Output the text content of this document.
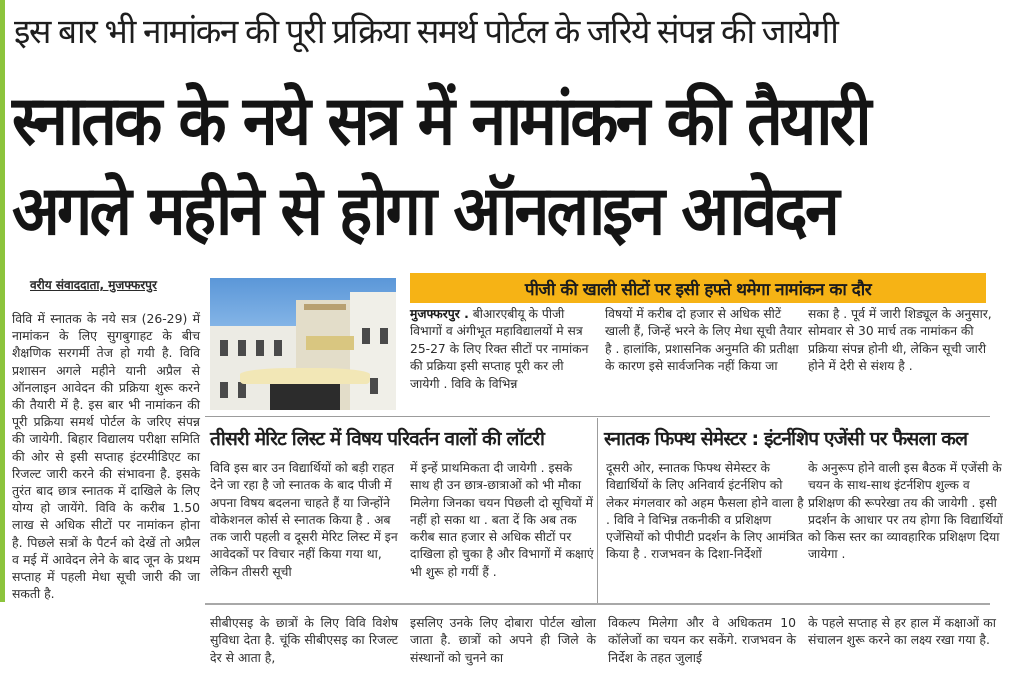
इस बार भी नामांकन की पूरी प्रक्रिया समर्थ पोर्टल के जरिये संपन्न की जायेगी
स्नातक के नये सत्र में नामांकन की तैयारी
अगले महीने से होगा ऑनलाइन आवेदन
वरीय संवाददाता, मुजफ्फरपुर
विवि में स्नातक के नये सत्र (26-29) में नामांकन के लिए सुगबुगाहट के बीच शैक्षणिक सरगर्मी तेज हो गयी है. विवि प्रशासन अगले महीने यानी अप्रैल से ऑनलाइन आवेदन की प्रक्रिया शुरू करने की तैयारी में है. इस बार भी नामांकन की पूरी प्रक्रिया समर्थ पोर्टल के जरिए संपन्न की जायेगी. बिहार विद्यालय परीक्षा समिति की ओर से इसी सप्ताह इंटरमीडिएट का रिजल्ट जारी करने की संभावना है. इसके तुरंत बाद छात्र स्नातक में दाखिले के लिए योग्य हो जायेंगे. विवि के करीब 1.50 लाख से अधिक सीटों पर नामांकन होना है. पिछले सत्रों के पैटर्न को देखें तो अप्रैल व मई में आवेदन लेने के बाद जून के प्रथम सप्ताह में पहली मेधा सूची जारी की जा सकती है.
पीजी की खाली सीटों पर इसी हफ्ते थमेगा नामांकन का दौर
मुजफ्फरपुर . बीआरएबीयू के पीजी विभागों व अंगीभूत महाविद्यालयों मे सत्र 25-27 के लिए रिक्त सीटों पर नामांकन की प्रक्रिया इसी सप्ताह पूरी कर ली जायेगी . विवि के विभिन्न
विषयों में करीब दो हजार से अधिक सीटें खाली हैं, जिन्हें भरने के लिए मेधा सूची तैयार है . हालांकि, प्रशासनिक अनुमति की प्रतीक्षा के कारण इसे सार्वजनिक नहीं किया जा
सका है . पूर्व में जारी शिड्यूल के अनुसार, सोमवार से 30 मार्च तक नामांकन की प्रक्रिया संपन्न होनी थी, लेकिन सूची जारी होने में देरी से संशय है .
तीसरी मेरिट लिस्ट में विषय परिवर्तन वालों की लॉटरी
विवि इस बार उन विद्यार्थियों को बड़ी राहत देने जा रहा है जो स्नातक के बाद पीजी में अपना विषय बदलना चाहते हैं या जिन्होंने वोकेशनल कोर्स से स्नातक किया है . अब तक जारी पहली व दूसरी मेरिट लिस्ट में इन आवेदकों पर विचार नहीं किया गया था, लेकिन तीसरी सूची
में इन्हें प्राथमिकता दी जायेगी . इसके साथ ही उन छात्र-छात्राओं को भी मौका मिलेगा जिनका चयन पिछली दो सूचियों में नहीं हो सका था . बता दें कि अब तक करीब सात हजार से अधिक सीटों पर दाखिला हो चुका है और विभागों में कक्षाएं भी शुरू हो गयीं हैं .
स्नातक फिफ्थ सेमेस्टर : इंटर्नशिप एजेंसी पर फैसला कल
दूसरी ओर, स्नातक फिफ्थ सेमेस्टर के विद्यार्थियों के लिए अनिवार्य इंटर्नशिप को लेकर मंगलवार को अहम फैसला होने वाला है . विवि ने विभिन्न तकनीकी व प्रशिक्षण एजेंसियों को पीपीटी प्रदर्शन के लिए आमंत्रित किया है . राजभवन के दिशा-निर्देशों
के अनुरूप होने वाली इस बैठक में एजेंसी के चयन के साथ-साथ इंटर्नशिप शुल्क व प्रशिक्षण की रूपरेखा तय की जायेगी . इसी प्रदर्शन के आधार पर तय होगा कि विद्यार्थियों को किस स्तर का व्यावहारिक प्रशिक्षण दिया जायेगा .
सीबीएसइ के छात्रों के लिए विवि विशेष सुविधा देता है. चूंकि सीबीएसइ का रिजल्ट देर से आता है,
इसलिए उनके लिए दोबारा पोर्टल खोला जाता है. छात्रों को अपने ही जिले के संस्थानों को चुनने का
विकल्प मिलेगा और वे अधिकतम 10 कॉलेजों का चयन कर सकेंगे. राजभवन के निर्देश के तहत जुलाई
के पहले सप्ताह से हर हाल में कक्षाओं का संचालन शुरू करने का लक्ष्य रखा गया है.
